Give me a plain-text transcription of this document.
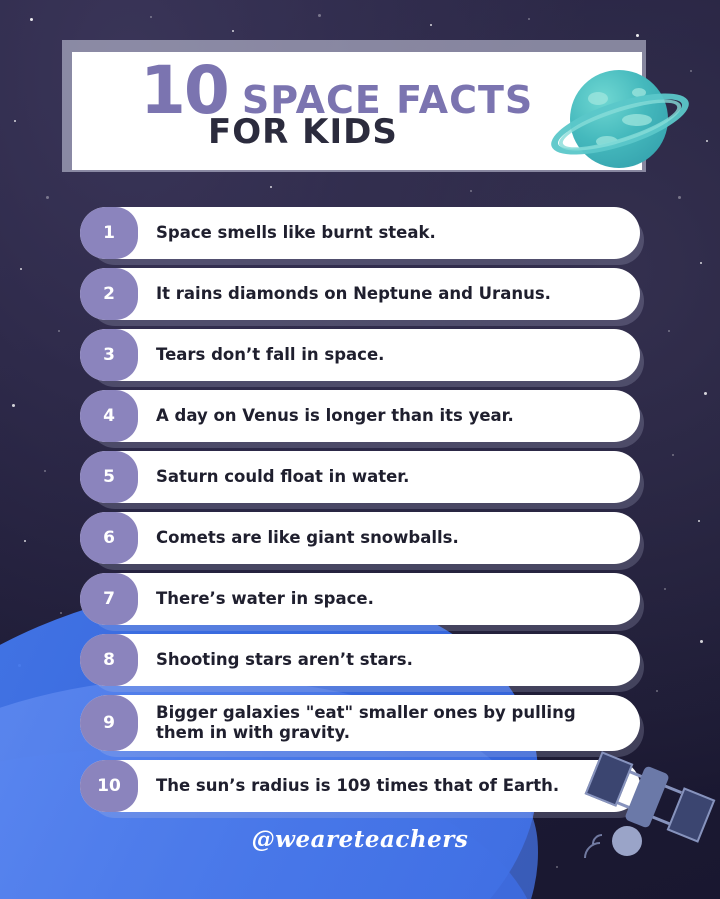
10 SPACE FACTS
FOR KIDS
1	Space smells like burnt steak.
2	It rains diamonds on Neptune and Uranus.
3	Tears don’t fall in space.
4	A day on Venus is longer than its year.
5	Saturn could float in water.
6	Comets are like giant snowballs.
7	There’s water in space.
8	Shooting stars aren’t stars.
9
Bigger galaxies "eat" smaller ones by pulling them in with gravity.
10	The sun’s radius is 109 times that of Earth.
@weareteachers
